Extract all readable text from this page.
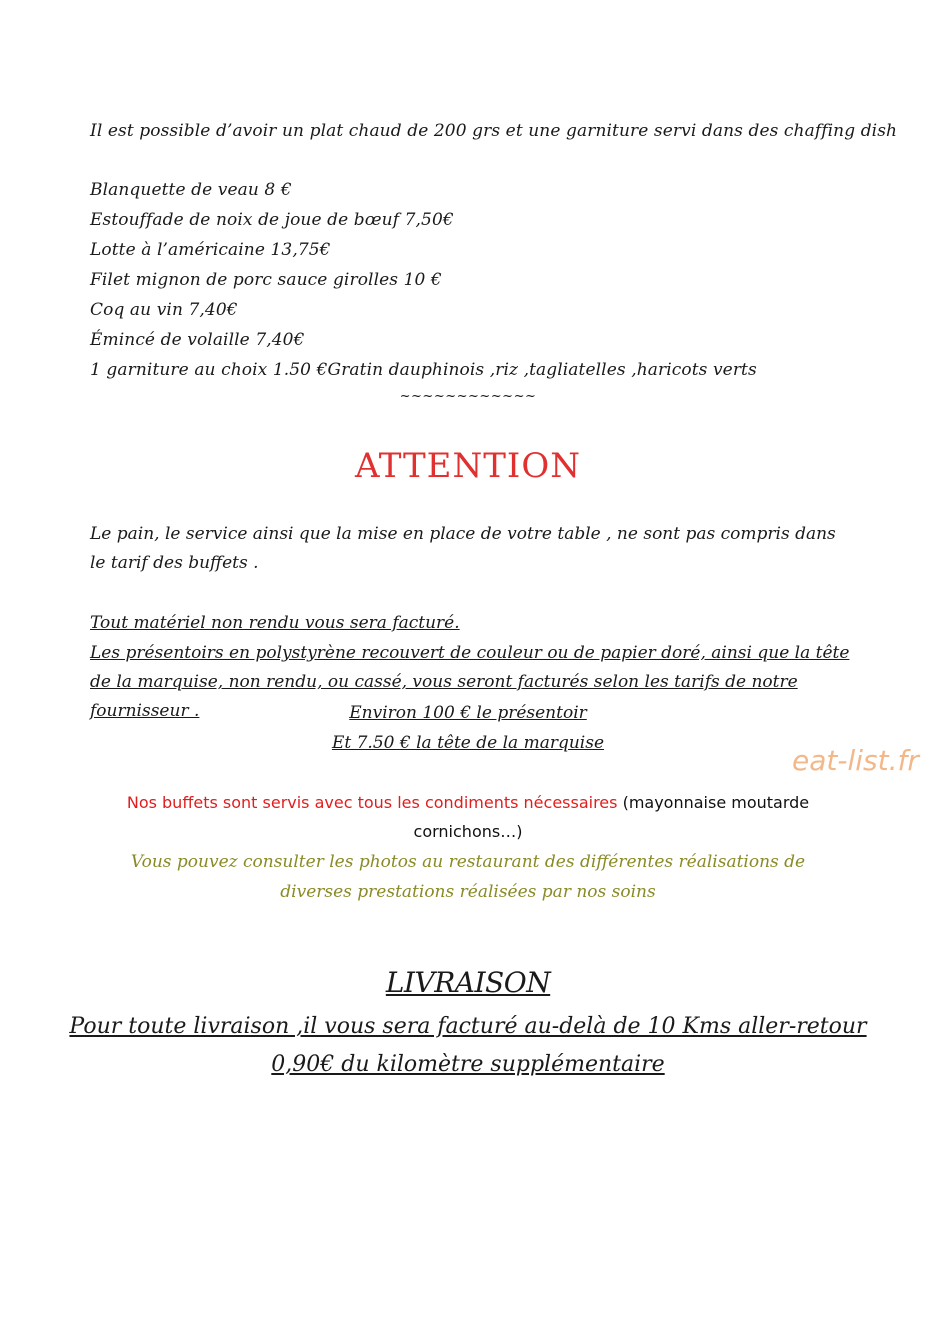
Il est possible d’avoir un plat chaud de 200 grs et une garniture servi dans des chaffing dish
Blanquette de veau 8 €
Estouffade de noix de joue de bœuf 7,50€
Lotte à l’américaine 13,75€
Filet mignon de porc sauce girolles 10 €
Coq au vin 7,40€
Émincé de volaille 7,40€
1 garniture au choix 1.50 €Gratin dauphinois ,riz ,tagliatelles ,haricots verts
~~~~~~~~~~~~
ATTENTION
Le pain, le service ainsi que la mise en place de votre table , ne sont pas compris dans le tarif des buffets .
Tout matériel non rendu vous sera facturé.
Les présentoirs en polystyrène recouvert de couleur ou de papier doré, ainsi que la tête de la marquise, non rendu, ou cassé, vous seront facturés selon les tarifs de notre fournisseur .	Environ 100 € le présentoir
Et 7.50 € la tête de la marquise
eat-list.fr
Nos buffets sont servis avec tous les condiments nécessaires (mayonnaise moutarde cornichons…)
Vous pouvez consulter les photos au restaurant des différentes réalisations de diverses prestations réalisées par nos soins
LIVRAISON
Pour toute livraison ,il vous sera facturé au-delà de 10 Kms aller-retour
0,90€ du kilomètre supplémentaire
